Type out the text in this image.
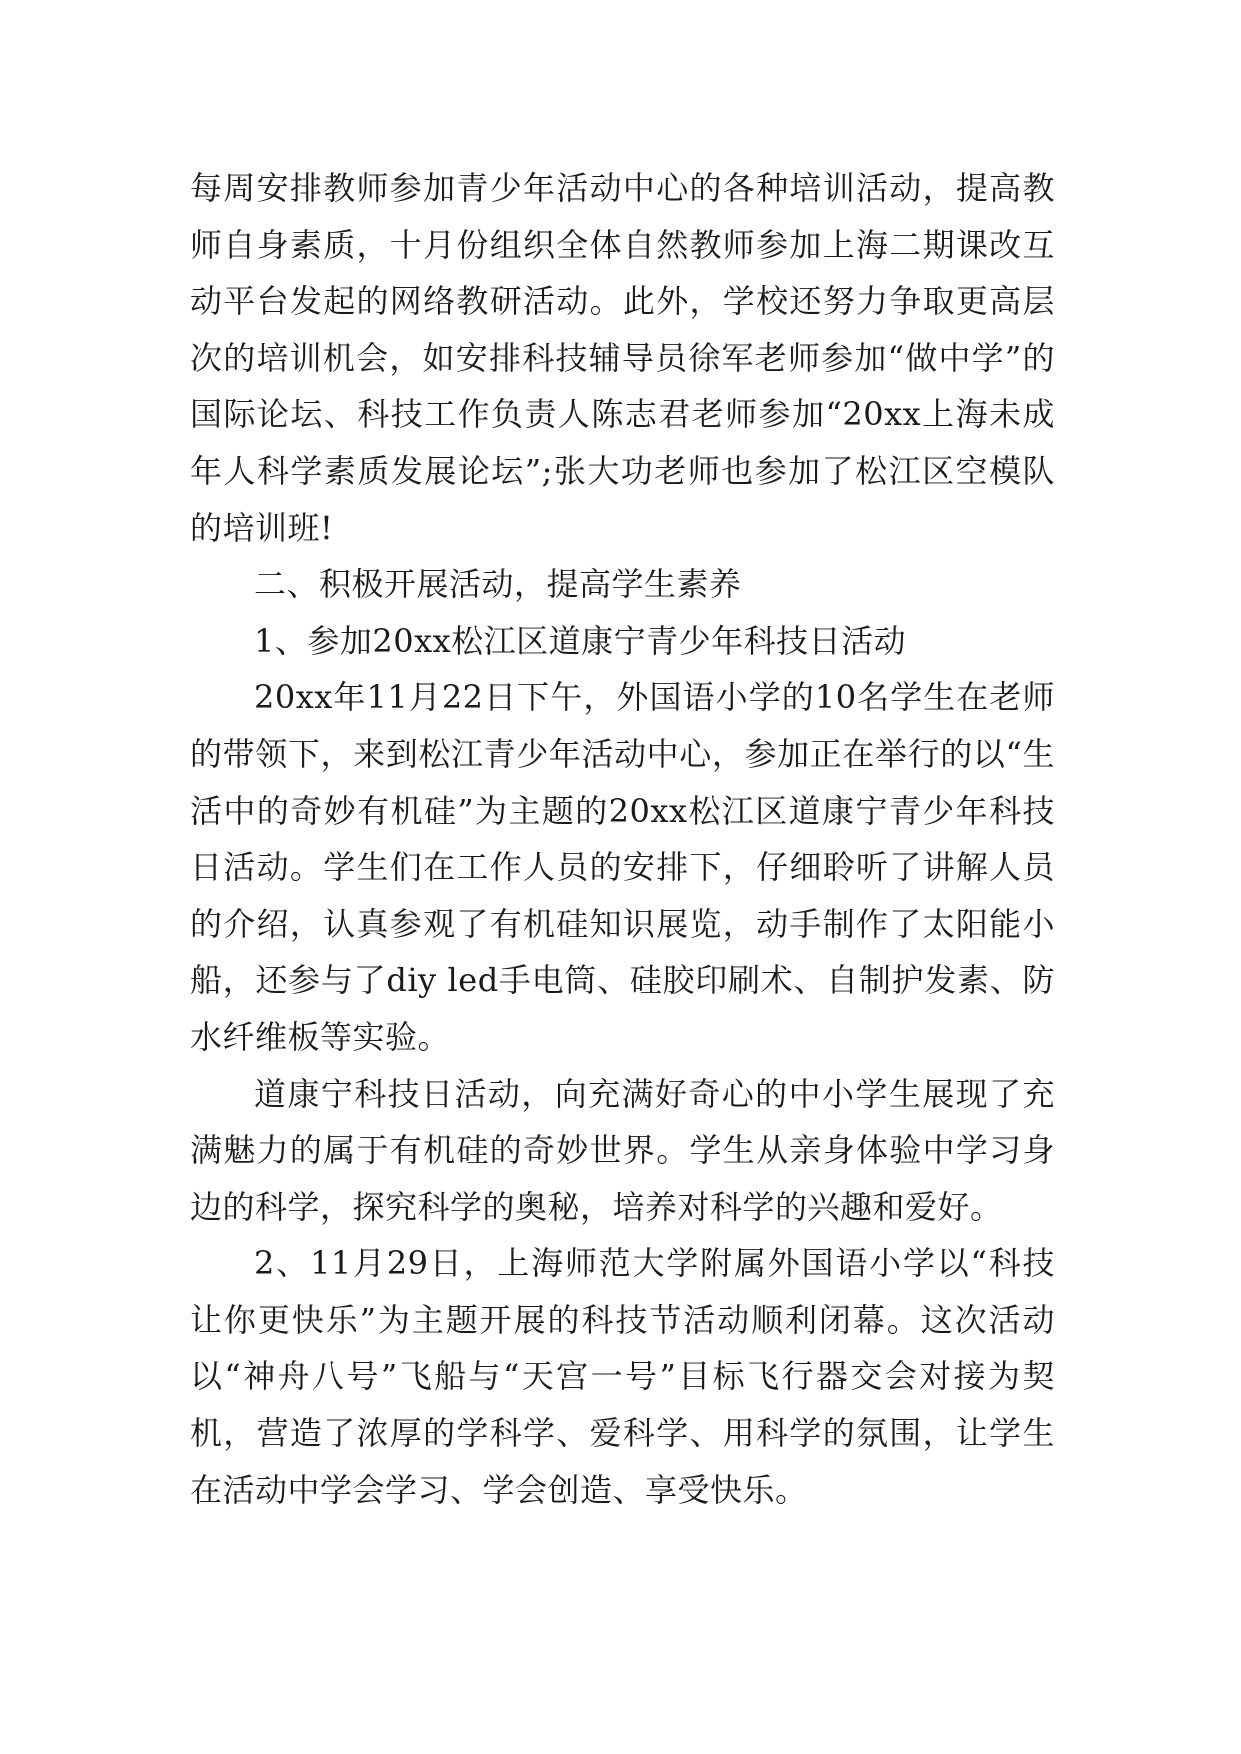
每周安排教师参加青少年活动中心的各种培训活动，提高教师自身素质，十月份组织全体自然教师参加上海二期课改互动平台发起的网络教研活动。此外，学校还努力争取更高层次的培训机会，如安排科技辅导员徐军老师参加“做中学”的国际论坛、科技工作负责人陈志君老师参加“20xx上海未成年人科学素质发展论坛”;张大功老师也参加了松江区空模队的培训班!

二、积极开展活动，提高学生素养

1、参加20xx松江区道康宁青少年科技日活动

20xx年11月22日下午，外国语小学的10名学生在老师的带领下，来到松江青少年活动中心，参加正在举行的以“生活中的奇妙有机硅”为主题的20xx松江区道康宁青少年科技日活动。学生们在工作人员的安排下，仔细聆听了讲解人员的介绍，认真参观了有机硅知识展览，动手制作了太阳能小船，还参与了diy led手电筒、硅胶印刷术、自制护发素、防水纤维板等实验。

道康宁科技日活动，向充满好奇心的中小学生展现了充满魅力的属于有机硅的奇妙世界。学生从亲身体验中学习身边的科学，探究科学的奥秘，培养对科学的兴趣和爱好。

2、11月29日，上海师范大学附属外国语小学以“科技让你更快乐”为主题开展的科技节活动顺利闭幕。这次活动以“神舟八号”飞船与“天宫一号”目标飞行器交会对接为契机，营造了浓厚的学科学、爱科学、用科学的氛围，让学生在活动中学会学习、学会创造、享受快乐。
